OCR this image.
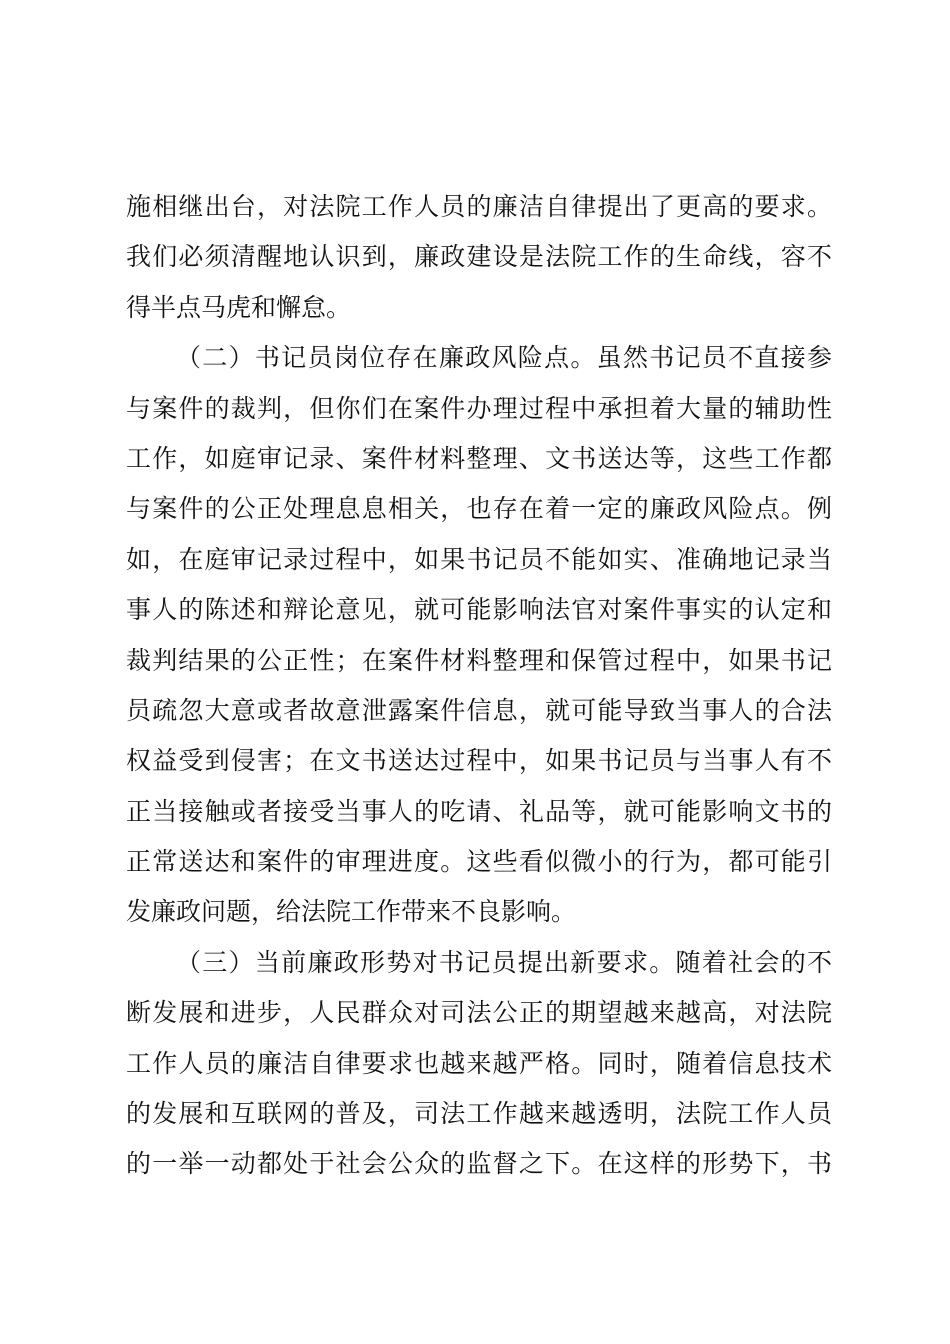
施相继出台，对法院工作人员的廉洁自律提出了更高的要求。
我们必须清醒地认识到，廉政建设是法院工作的生命线，容不
得半点马虎和懈怠。
（二）书记员岗位存在廉政风险点。虽然书记员不直接参
与案件的裁判，但你们在案件办理过程中承担着大量的辅助性
工作，如庭审记录、案件材料整理、文书送达等，这些工作都
与案件的公正处理息息相关，也存在着一定的廉政风险点。例
如，在庭审记录过程中，如果书记员不能如实、准确地记录当
事人的陈述和辩论意见，就可能影响法官对案件事实的认定和
裁判结果的公正性；在案件材料整理和保管过程中，如果书记
员疏忽大意或者故意泄露案件信息，就可能导致当事人的合法
权益受到侵害；在文书送达过程中，如果书记员与当事人有不
正当接触或者接受当事人的吃请、礼品等，就可能影响文书的
正常送达和案件的审理进度。这些看似微小的行为，都可能引
发廉政问题，给法院工作带来不良影响。
（三）当前廉政形势对书记员提出新要求。随着社会的不
断发展和进步，人民群众对司法公正的期望越来越高，对法院
工作人员的廉洁自律要求也越来越严格。同时，随着信息技术
的发展和互联网的普及，司法工作越来越透明，法院工作人员
的一举一动都处于社会公众的监督之下。在这样的形势下，书
